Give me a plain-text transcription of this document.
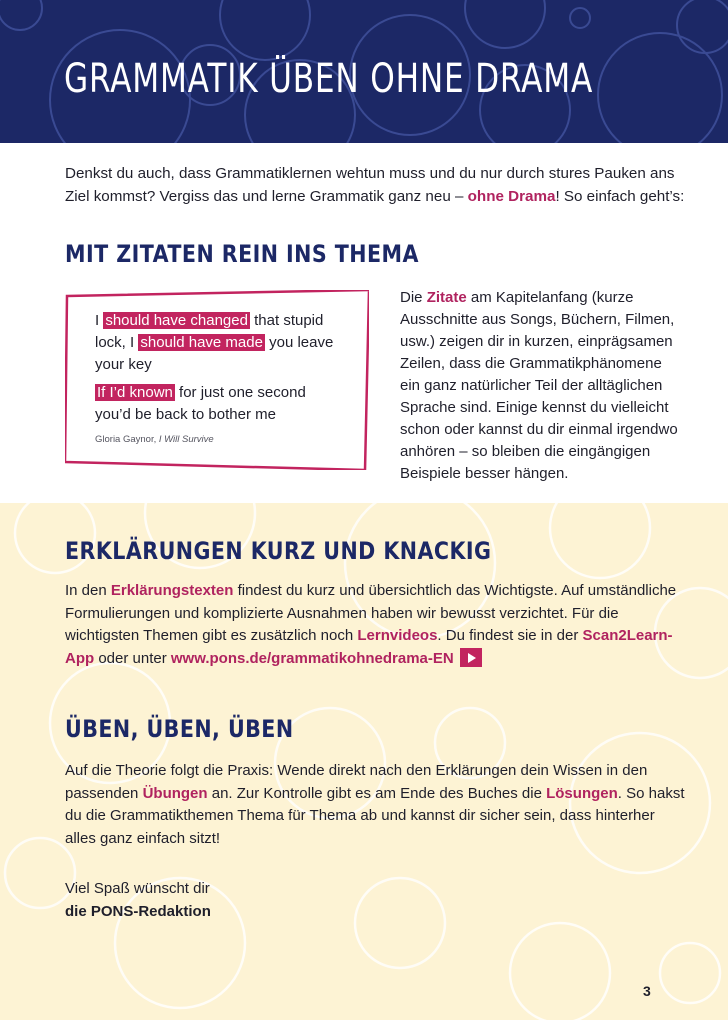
GRAMMATIK ÜBEN OHNE DRAMA
Denkst du auch, dass Grammatiklernen wehtun muss und du nur durch stures Pauken ans Ziel kommst? Vergiss das und lerne Grammatik ganz neu – ohne Drama! So einfach geht’s:
MIT ZITATEN REIN INS THEMA
I should have changed that stupid lock, I should have made you leave your key
If I’d known for just one second you’d be back to bother me
Gloria Gaynor, I Will Survive
Die Zitate am Kapitelanfang (kurze Ausschnitte aus Songs, Büchern, Filmen, usw.) zeigen dir in kurzen, einprägsamen Zeilen, dass die Grammatikphänomene ein ganz natürlicher Teil der alltäglichen Sprache sind. Einige kennst du vielleicht schon oder kannst du dir einmal irgendwo anhören – so bleiben die eingängigen Beispiele besser hängen.
ERKLÄRUNGEN KURZ UND KNACKIG
In den Erklärungstexten findest du kurz und übersichtlich das Wichtigste. Auf umständliche Formulierungen und komplizierte Ausnahmen haben wir bewusst verzichtet. Für die wichtigsten Themen gibt es zusätzlich noch Lernvideos. Du findest sie in der Scan2Learn-App oder unter www.pons.de/grammatikohnedrama-EN
ÜBEN, ÜBEN, ÜBEN
Auf die Theorie folgt die Praxis: Wende direkt nach den Erklärungen dein Wissen in den passenden Übungen an. Zur Kontrolle gibt es am Ende des Buches die Lösungen. So hakst du die Grammatikthemen Thema für Thema ab und kannst dir sicher sein, dass hinterher alles ganz einfach sitzt!
Viel Spaß wünscht dir
die PONS-Redaktion
3
